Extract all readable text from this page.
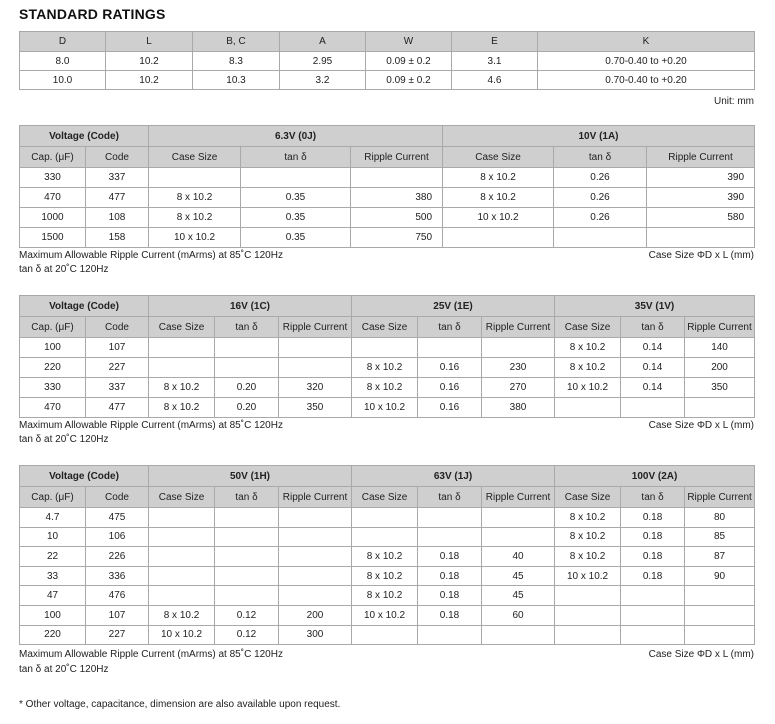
STANDARD RATINGS
D	L	B, C	A	W	E	K
8.0	10.2	8.3	2.95	0.09 ± 0.2	3.1	0.70-0.40 to +0.20
10.0	10.2	10.3	3.2	0.09 ± 0.2	4.6	0.70-0.40 to +0.20
Unit: mm
Voltage (Code)		6.3V (0J)			10V (1A)		
Cap. (μF)	Code	Case Size	tan δ	Ripple Current	Case Size	tan δ	Ripple Current
330	337				8 x 10.2	0.26	390
470	477	8 x 10.2	0.35	380	8 x 10.2	0.26	390
1000	108	8 x 10.2	0.35	500	10 x 10.2	0.26	580
1500	158	10 x 10.2	0.35	750			
Maximum Allowable Ripple Current (mArms) at 85˚C 120Hz	Case Size ΦD x L (mm)
tan δ at 20˚C 120Hz
Voltage (Code)		16V (1C)			25V (1E)			35V (1V)		
Cap. (μF)	Code	Case Size	tan δ	Ripple Current	Case Size	tan δ	Ripple Current	Case Size	tan δ	Ripple Current
100	107							8 x 10.2	0.14	140
220	227				8 x 10.2	0.16	230	8 x 10.2	0.14	200
330	337	8 x 10.2	0.20	320	8 x 10.2	0.16	270	10 x 10.2	0.14	350
470	477	8 x 10.2	0.20	350	10 x 10.2	0.16	380			
Maximum Allowable Ripple Current (mArms) at 85˚C 120Hz	Case Size ΦD x L (mm)
tan δ at 20˚C 120Hz
Voltage (Code)		50V (1H)			63V (1J)			100V (2A)		
Cap. (μF)	Code	Case Size	tan δ	Ripple Current	Case Size	tan δ	Ripple Current	Case Size	tan δ	Ripple Current
4.7	475							8 x 10.2	0.18	80
10	106							8 x 10.2	0.18	85
22	226				8 x 10.2	0.18	40	8 x 10.2	0.18	87
33	336				8 x 10.2	0.18	45	10 x 10.2	0.18	90
47	476				8 x 10.2	0.18	45			
100	107	8 x 10.2	0.12	200	10 x 10.2	0.18	60			
220	227	10 x 10.2	0.12	300						
Maximum Allowable Ripple Current (mArms) at 85˚C 120Hz	Case Size ΦD x L (mm)
tan δ at 20˚C 120Hz
* Other voltage, capacitance, dimension are also available upon request.
